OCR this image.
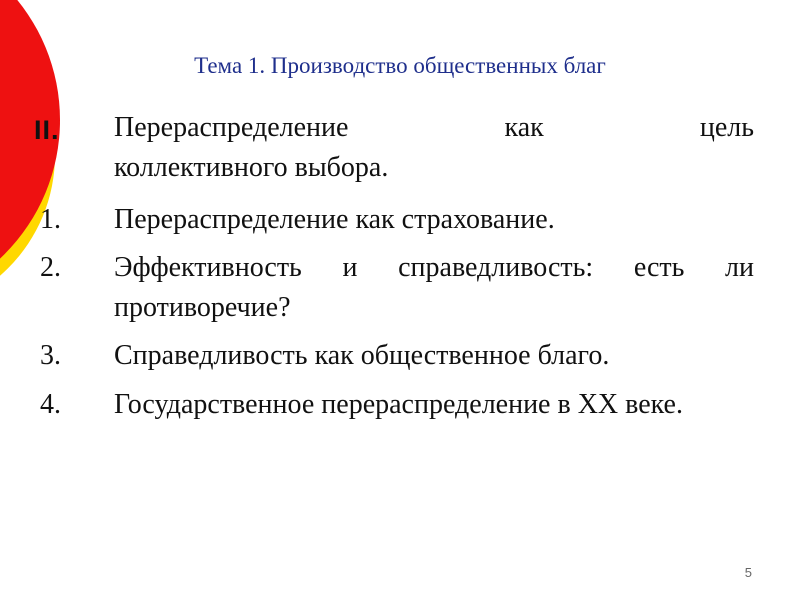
Тема 1. Производство общественных благ
II. Перераспределение как цель
коллективного выбора.
1. Перераспределение как страхование.
2. Эффективность и справедливость: есть ли противоречие?
3. Справедливость как общественное благо.
4. Государственное перераспределение в XX веке.
5
